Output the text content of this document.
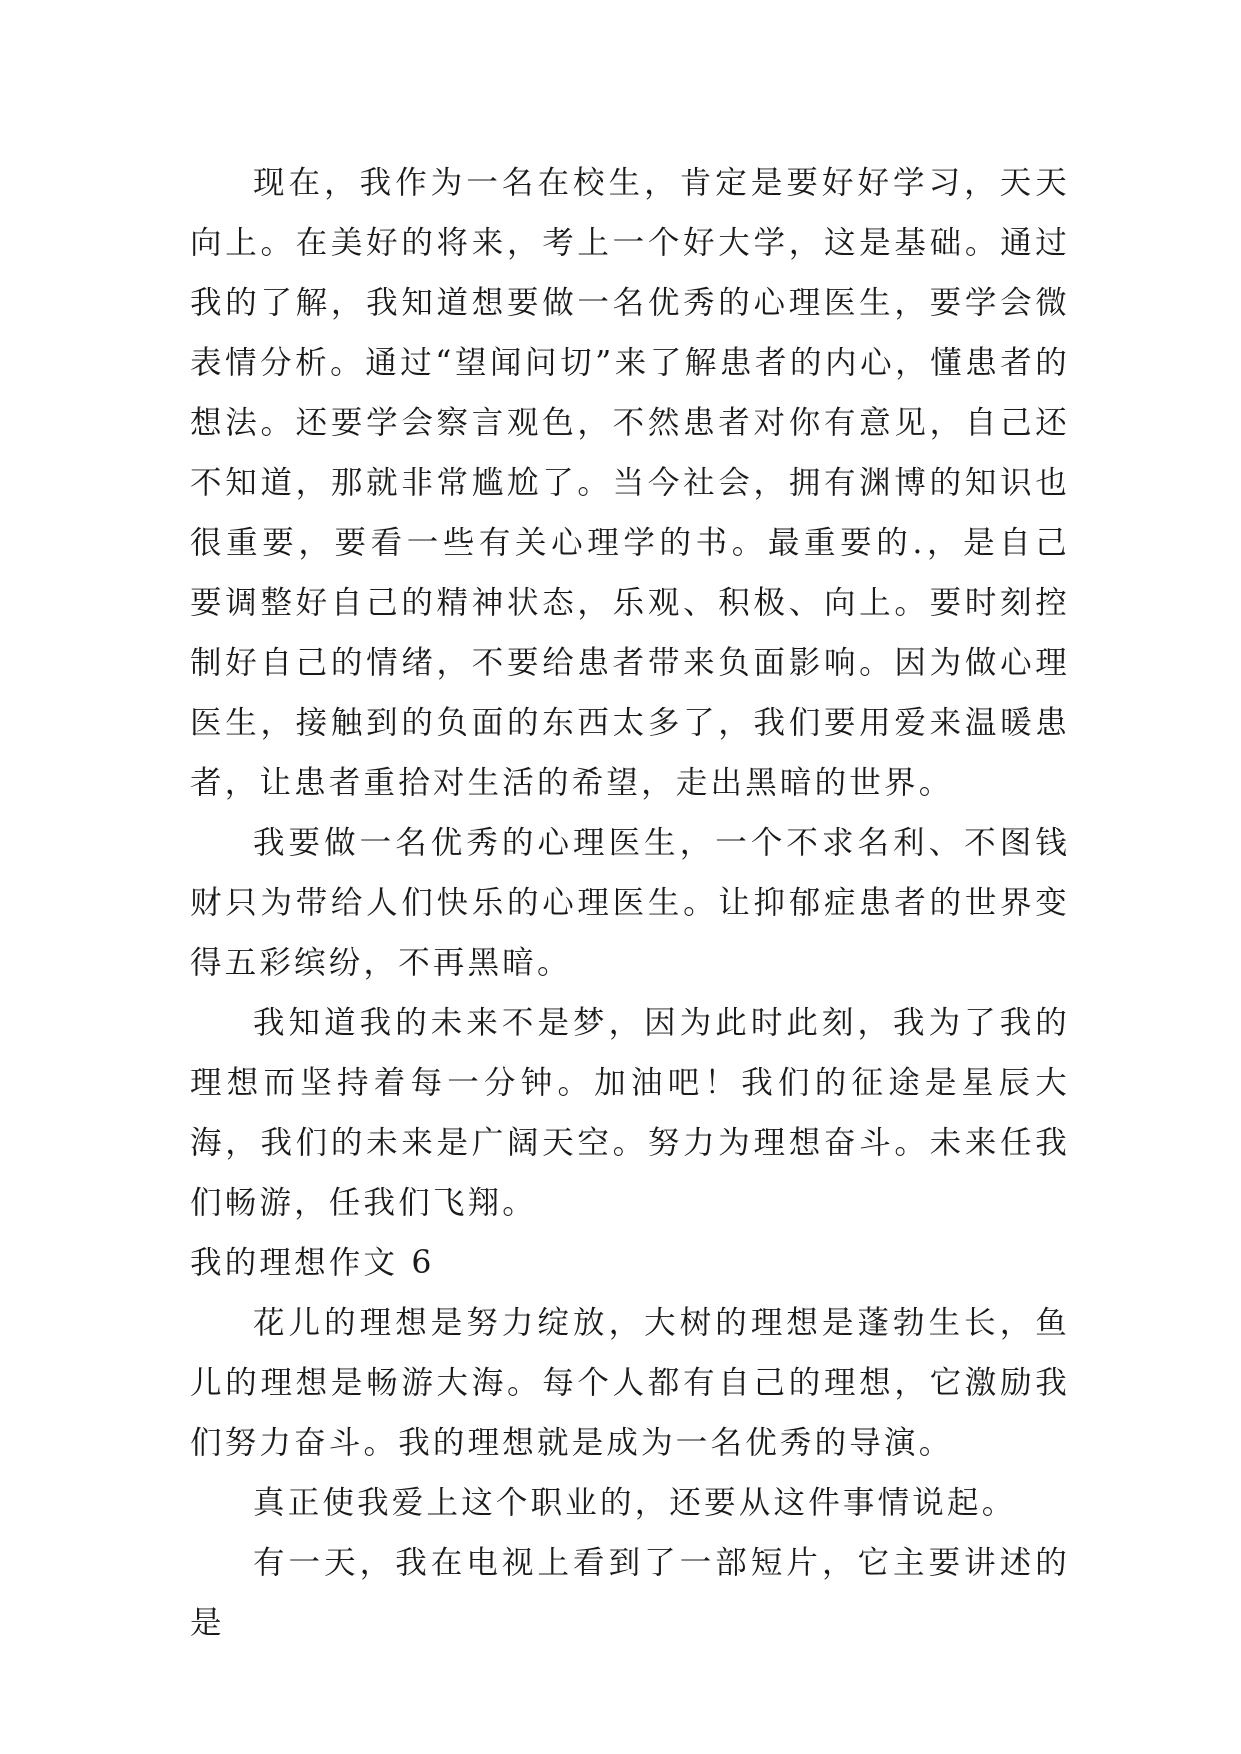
现在，我作为一名在校生，肯定是要好好学习，天天向上。在美好的将来，考上一个好大学，这是基础。通过我的了解，我知道想要做一名优秀的心理医生，要学会微表情分析。通过“望闻问切”来了解患者的内心，懂患者的想法。还要学会察言观色，不然患者对你有意见，自己还不知道，那就非常尴尬了。当今社会，拥有渊博的知识也很重要，要看一些有关心理学的书。最重要的.，是自己要调整好自己的精神状态，乐观、积极、向上。要时刻控制好自己的情绪，不要给患者带来负面影响。因为做心理医生，接触到的负面的东西太多了，我们要用爱来温暖患者，让患者重拾对生活的希望，走出黑暗的世界。

我要做一名优秀的心理医生，一个不求名利、不图钱财只为带给人们快乐的心理医生。让抑郁症患者的世界变得五彩缤纷，不再黑暗。

我知道我的未来不是梦，因为此时此刻，我为了我的理想而坚持着每一分钟。加油吧！我们的征途是星辰大海，我们的未来是广阔天空。努力为理想奋斗。未来任我们畅游，任我们飞翔。

我的理想作文 6

花儿的理想是努力绽放，大树的理想是蓬勃生长，鱼儿的理想是畅游大海。每个人都有自己的理想，它激励我们努力奋斗。我的理想就是成为一名优秀的导演。

真正使我爱上这个职业的，还要从这件事情说起。

有一天，我在电视上看到了一部短片，它主要讲述的是
